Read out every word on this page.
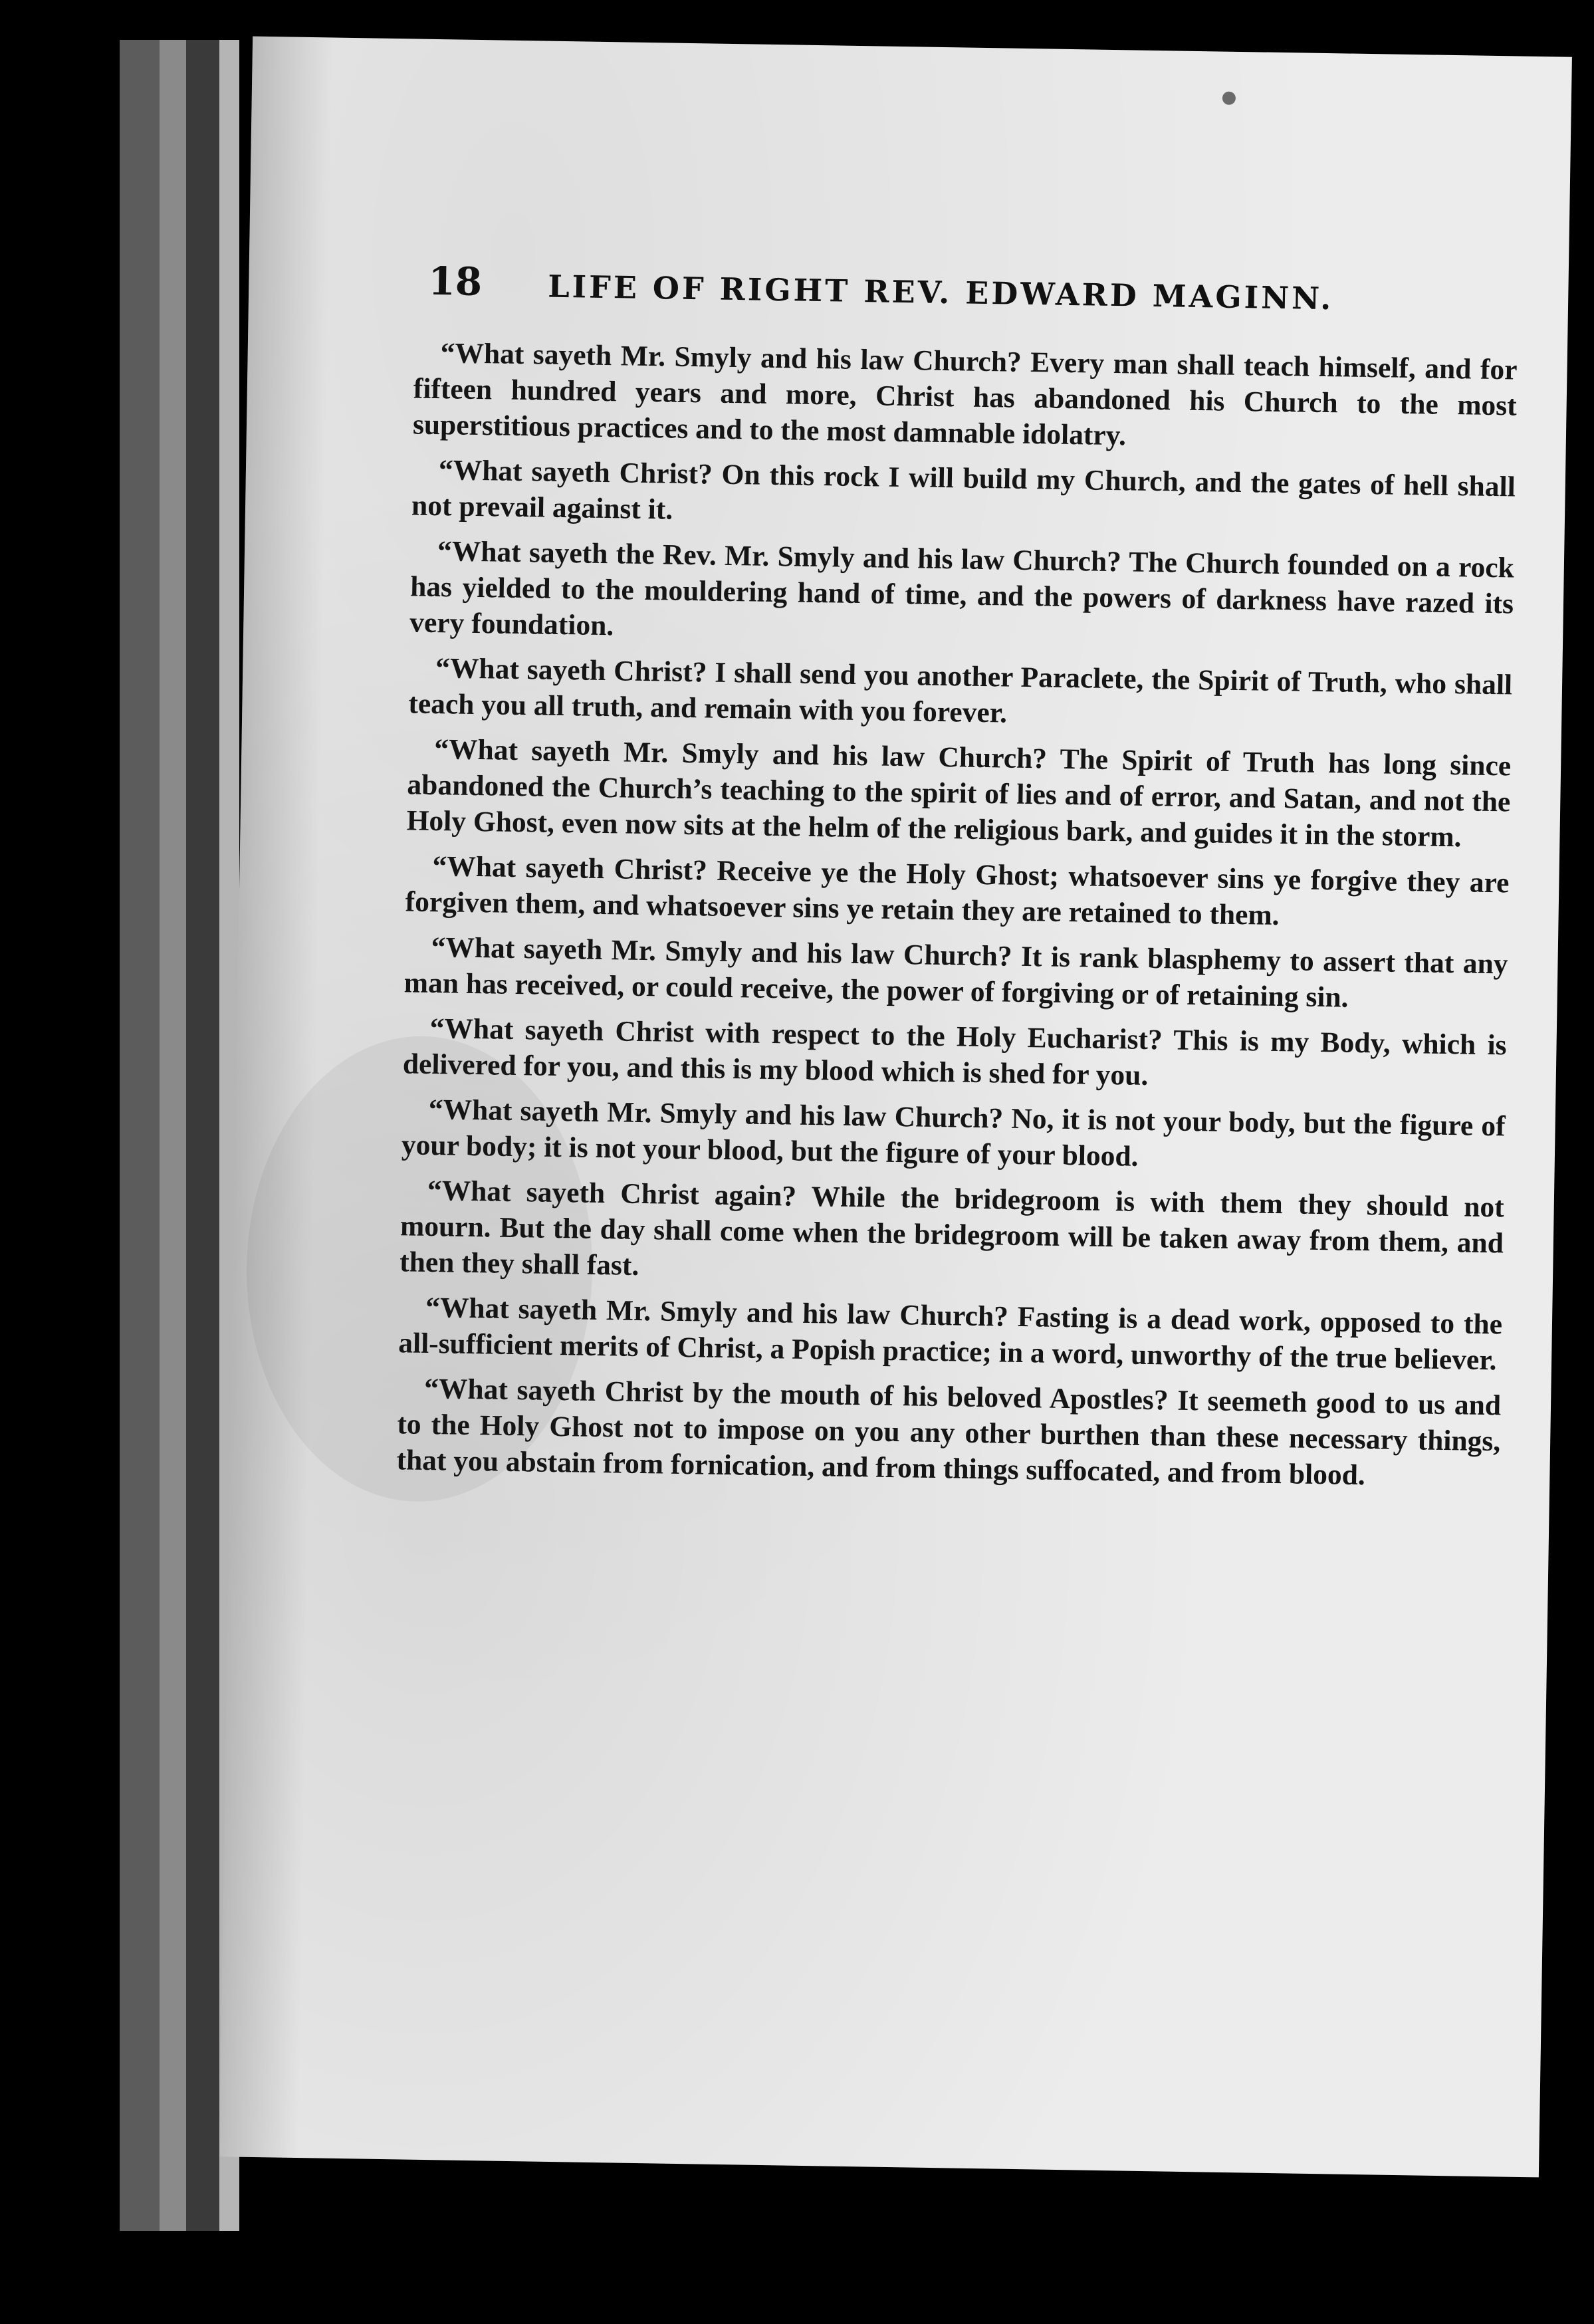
18 LIFE OF RIGHT REV. EDWARD MAGINN.

“What sayeth Mr. Smyly and his law Church? Every man shall teach himself, and for fifteen hundred years and more, Christ has abandoned his Church to the most superstitious practices and to the most damnable idolatry.

“What sayeth Christ? On this rock I will build my Church, and the gates of hell shall not prevail against it.

“What sayeth the Rev. Mr. Smyly and his law Church? The Church founded on a rock has yielded to the mouldering hand of time, and the powers of darkness have razed its very foundation.

“What sayeth Christ? I shall send you another Paraclete, the Spirit of Truth, who shall teach you all truth, and remain with you forever.

“What sayeth Mr. Smyly and his law Church? The Spirit of Truth has long since abandoned the Church’s teaching to the spirit of lies and of error, and Satan, and not the Holy Ghost, even now sits at the helm of the religious bark, and guides it in the storm.

“What sayeth Christ? Receive ye the Holy Ghost; whatsoever sins ye forgive they are forgiven them, and whatsoever sins ye retain they are retained to them.

“What sayeth Mr. Smyly and his law Church? It is rank blasphemy to assert that any man has received, or could receive, the power of forgiving or of retaining sin.

“What sayeth Christ with respect to the Holy Eucharist? This is my Body, which is delivered for you, and this is my blood which is shed for you.

“What sayeth Mr. Smyly and his law Church? No, it is not your body, but the figure of your body; it is not your blood, but the figure of your blood.

“What sayeth Christ again? While the bridegroom is with them they should not mourn. But the day shall come when the bridegroom will be taken away from them, and then they shall fast.

“What sayeth Mr. Smyly and his law Church? Fasting is a dead work, opposed to the all-sufficient merits of Christ, a Popish practice; in a word, unworthy of the true believer.

“What sayeth Christ by the mouth of his beloved Apostles? It seemeth good to us and to the Holy Ghost not to impose on you any other burthen than these necessary things, that you abstain from fornication, and from things suffocated, and from blood.
